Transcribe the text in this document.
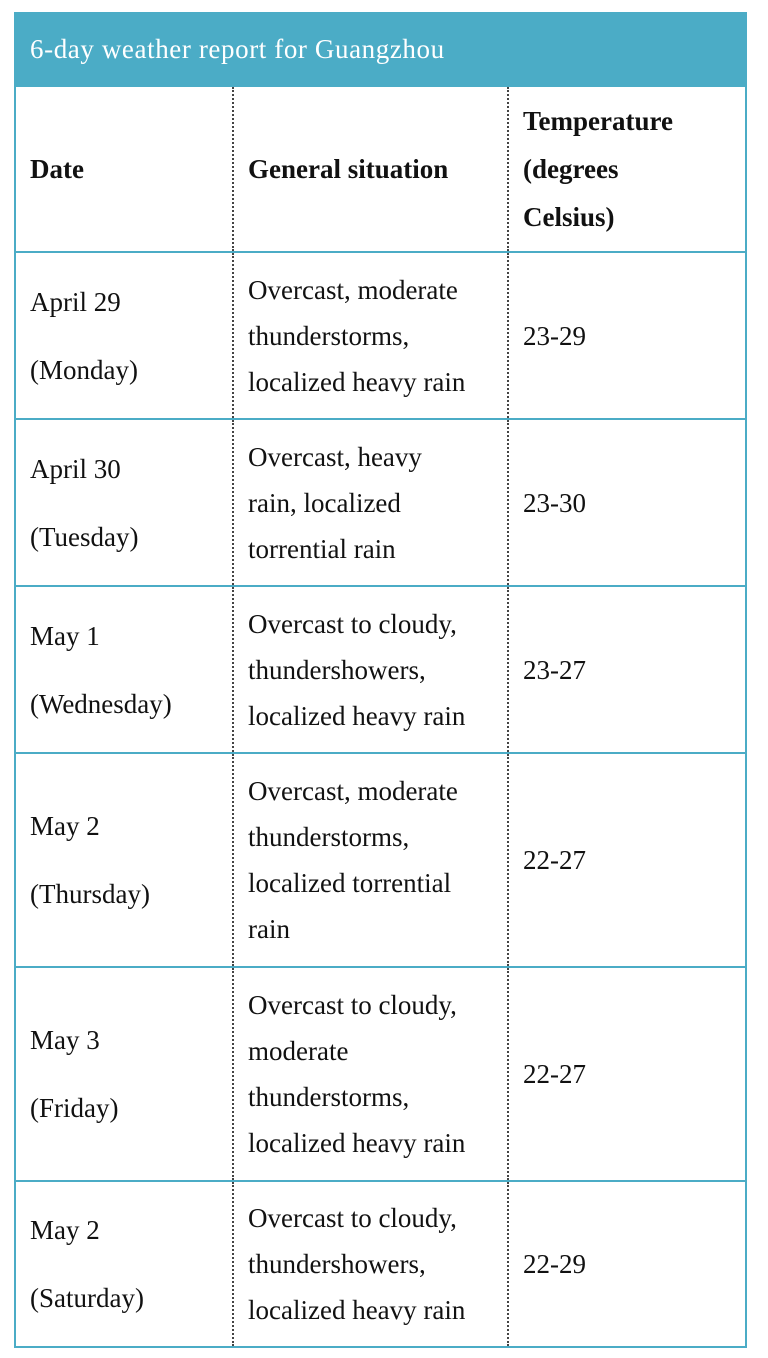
6-day weather report for Guangzhou		
Date	General situation	Temperature
(degrees
Celsius)

April 29
(Monday)	Overcast, moderate
thunderstorms,
localized heavy rain	23-29

April 30
(Tuesday)	Overcast, heavy
rain, localized
torrential rain	23-30

May 1
(Wednesday)	Overcast to cloudy,
thundershowers,
localized heavy rain	23-27

May 2
(Thursday)	Overcast, moderate
thunderstorms,
localized torrential
rain	22-27

May 3
(Friday)	Overcast to cloudy,
moderate
thunderstorms,
localized heavy rain	22-27

May 2
(Saturday)	Overcast to cloudy,
thundershowers,
localized heavy rain	22-29
